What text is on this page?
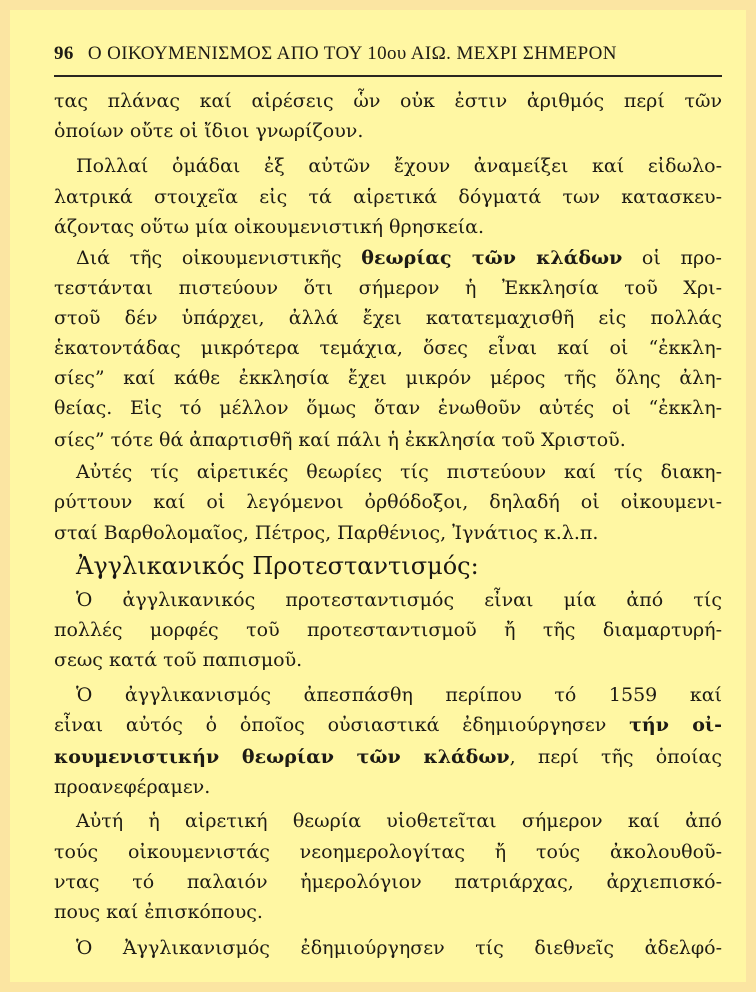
96 Ο ΟΙΚΟΥΜΕΝΙΣΜΟΣ ΑΠΟ ΤΟΥ 10ου ΑΙΩ. ΜΕΧΡΙ ΣΗΜΕΡΟΝ
τας πλάνας καί αἱρέσεις ὧν οὐκ ἐστιν ἀριθμός περί τῶν
ὁποίων οὔτε οἱ ἴδιοι γνωρίζουν.
Πολλαί ὁμάδαι ἐξ αὐτῶν ἔχουν ἀναμείξει καί εἰδωλο-
λατρικά στοιχεῖα εἰς τά αἱρετικά δόγματά των κατασκευ-
άζοντας οὕτω μία οἰκουμενιστική θρησκεία.
Διά τῆς οἰκουμενιστικῆς θεωρίας τῶν κλάδων οἱ προ-
τεστάνται πιστεύουν ὅτι σήμερον ἡ Ἐκκλησία τοῦ Χρι-
στοῦ δέν ὑπάρχει, ἀλλά ἔχει κατατεμαχισθῆ εἰς πολλάς
ἑκατοντάδας μικρότερα τεμάχια, ὅσες εἶναι καί οἱ “ἐκκλη-
σίες” καί κάθε ἐκκλησία ἔχει μικρόν μέρος τῆς ὅλης ἀλη-
θείας. Εἰς τό μέλλον ὅμως ὅταν ἑνωθοῦν αὐτές οἱ “ἐκκλη-
σίες” τότε θά ἀπαρτισθῆ καί πάλι ἡ ἐκκλησία τοῦ Χριστοῦ.
Αὐτές τίς αἱρετικές θεωρίες τίς πιστεύουν καί τίς διακη-
ρύττουν καί οἱ λεγόμενοι ὀρθόδοξοι, δηλαδή οἱ οἰκουμενι-
σταί Βαρθολομαῖος, Πέτρος, Παρθένιος, Ἰγνάτιος κ.λ.π.
Ἀγγλικανικός Προτεσταντισμός:
Ὁ ἀγγλικανικός προτεσταντισμός εἶναι μία ἀπό τίς
πολλές μορφές τοῦ προτεσταντισμοῦ ἤ τῆς διαμαρτυρή-
σεως κατά τοῦ παπισμοῦ.
Ὁ ἀγγλικανισμός ἀπεσπάσθη περίπου τό 1559 καί
εἶναι αὐτός ὁ ὁποῖος οὐσιαστικά ἐδημιούργησεν τήν οἰ-
κουμενιστικήν θεωρίαν τῶν κλάδων, περί τῆς ὁποίας
προανεφέραμεν.
Αὐτή ἡ αἱρετική θεωρία υἱοθετεῖται σήμερον καί ἀπό
τούς οἰκουμενιστάς νεοημερολογίτας ἤ τούς ἀκολουθοῦ-
ντας τό παλαιόν ἡμερολόγιον πατριάρχας, ἀρχιεπισκό-
πους καί ἐπισκόπους.
Ὁ Ἀγγλικανισμός ἐδημιούργησεν τίς διεθνεῖς ἀδελφό-
